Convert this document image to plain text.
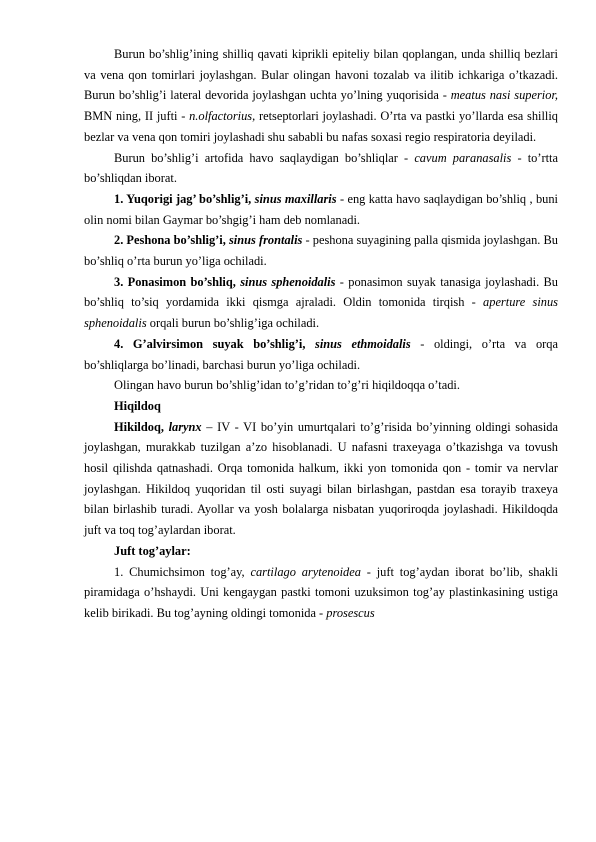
Burun bo’shlig’ining shilliq qavati kiprikli epiteliy bilan qoplangan, unda shilliq bezlari va vena qon tomirlari joylashgan. Bular olingan havoni tozalab va ilitib ichkariga o’tkazadi. Burun bo’shlig’i lateral devorida joylashgan uchta yo’lning yuqorisida - meatus nasi superior, BMN ning, II jufti - n.olfactorius, retseptorlari joylashadi. O’rta va pastki yo’llarda esa shilliq bezlar va vena qon tomiri joylashadi shu sababli bu nafas soxasi regio respiratoria deyiladi.

Burun bo’shlig’i artofida havo saqlaydigan bo’shliqlar - cavum paranasalis - to’rtta bo’shliqdan iborat.

1. Yuqorigi jag’ bo’shlig’i, sinus maxillaris - eng katta havo saqlaydigan bo’shliq , buni olin nomi bilan Gaymar bo’shgig’i ham deb nomlanadi.

2. Peshona bo’shlig’i, sinus frontalis - peshona suyagining palla qismida joylashgan. Bu bo’shliq o’rta burun yo’liga ochiladi.

3. Ponasimon bo’shliq, sinus sphenoidalis - ponasimon suyak tanasiga joylashadi. Bu bo’shliq to’siq yordamida ikki qismga ajraladi. Oldin tomonida tirqish - aperture sinus sphenoidalis orqali burun bo’shlig’iga ochiladi.

4. G’alvirsimon suyak bo’shlig’i, sinus ethmoidalis - oldingi, o’rta va orqa bo’shliqlarga bo’linadi, barchasi burun yo’liga ochiladi.

Olingan havo burun bo’shlig’idan to’g’ridan to’g’ri hiqildoqqa o’tadi.

Hiqildoq

Hikildoq, larynx – IV - VI bo’yin umurtqalari to’g’risida bo’yinning oldingi sohasida joylashgan, murakkab tuzilgan a’zo hisoblanadi. U nafasni traxeyaga o’tkazishga va tovush hosil qilishda qatnashadi. Orqa tomonida halkum, ikki yon tomonida qon - tomir va nervlar joylashgan. Hikildoq yuqoridan til osti suyagi bilan birlashgan, pastdan esa torayib traxeya bilan birlashib turadi. Ayollar va yosh bolalarga nisbatan yuqoriroqda joylashadi. Hikildoqda juft va toq tog’aylardan iborat.

Juft tog’aylar:

1. Chumichsimon tog’ay, cartilago arytenoidea - juft tog’aydan iborat bo’lib, shakli piramidaga o’hshaydi. Uni kengaygan pastki tomoni uzuksimon tog’ay plastinkasining ustiga kelib birikadi. Bu tog’ayning oldingi tomonida - prosescus
